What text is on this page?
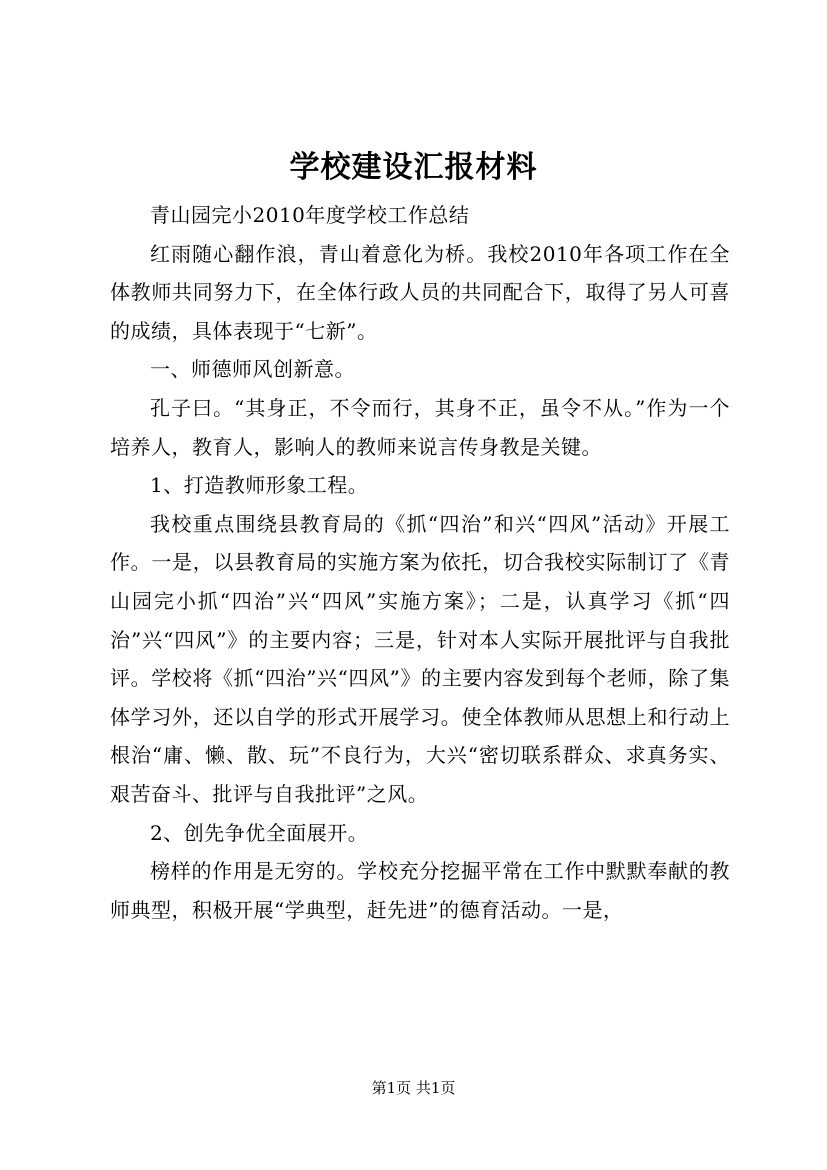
学校建设汇报材料

青山园完小2010年度学校工作总结

红雨随心翻作浪，青山着意化为桥。我校2010年各项工作在全体教师共同努力下，在全体行政人员的共同配合下，取得了另人可喜的成绩，具体表现于“七新”。

一、师德师风创新意。

孔子曰。“其身正，不令而行，其身不正，虽令不从。”作为一个培养人，教育人，影响人的教师来说言传身教是关键。

1、打造教师形象工程。

我校重点围绕县教育局的《抓“四治”和兴“四风”活动》开展工作。一是，以县教育局的实施方案为依托，切合我校实际制订了《青山园完小抓“四治”兴“四风”实施方案》；二是，认真学习《抓“四治”兴“四风”》的主要内容；三是，针对本人实际开展批评与自我批评。学校将《抓“四治”兴“四风”》的主要内容发到每个老师，除了集体学习外，还以自学的形式开展学习。使全体教师从思想上和行动上根治“庸、懒、散、玩”不良行为，大兴“密切联系群众、求真务实、艰苦奋斗、批评与自我批评”之风。

2、创先争优全面展开。

榜样的作用是无穷的。学校充分挖掘平常在工作中默默奉献的教师典型，积极开展“学典型，赶先进”的德育活动。一是，

第1页 共1页
